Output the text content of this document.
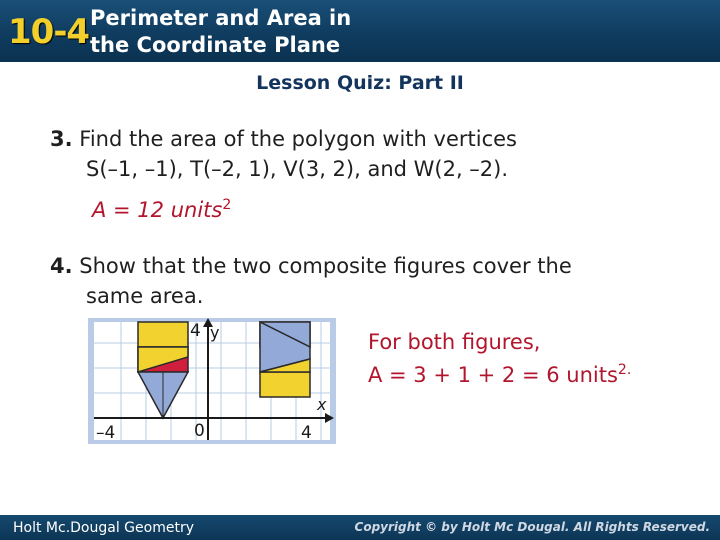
10-4 Perimeter and Area in
the Coordinate Plane
Lesson Quiz: Part II
3. Find the area of the polygon with vertices
S(–1, –1), T(–2, 1), V(3, 2), and W(2, –2).
A = 12 units$^2$
4. Show that the two composite figures cover the
same area.
For both figures,
A = 3 + 1 + 2 = 6 units$^{2.}$
y
4
x
–4	0	4
Holt Mc.Dougal Geometry	Copyright © by Holt Mc Dougal. All Rights Reserved.
